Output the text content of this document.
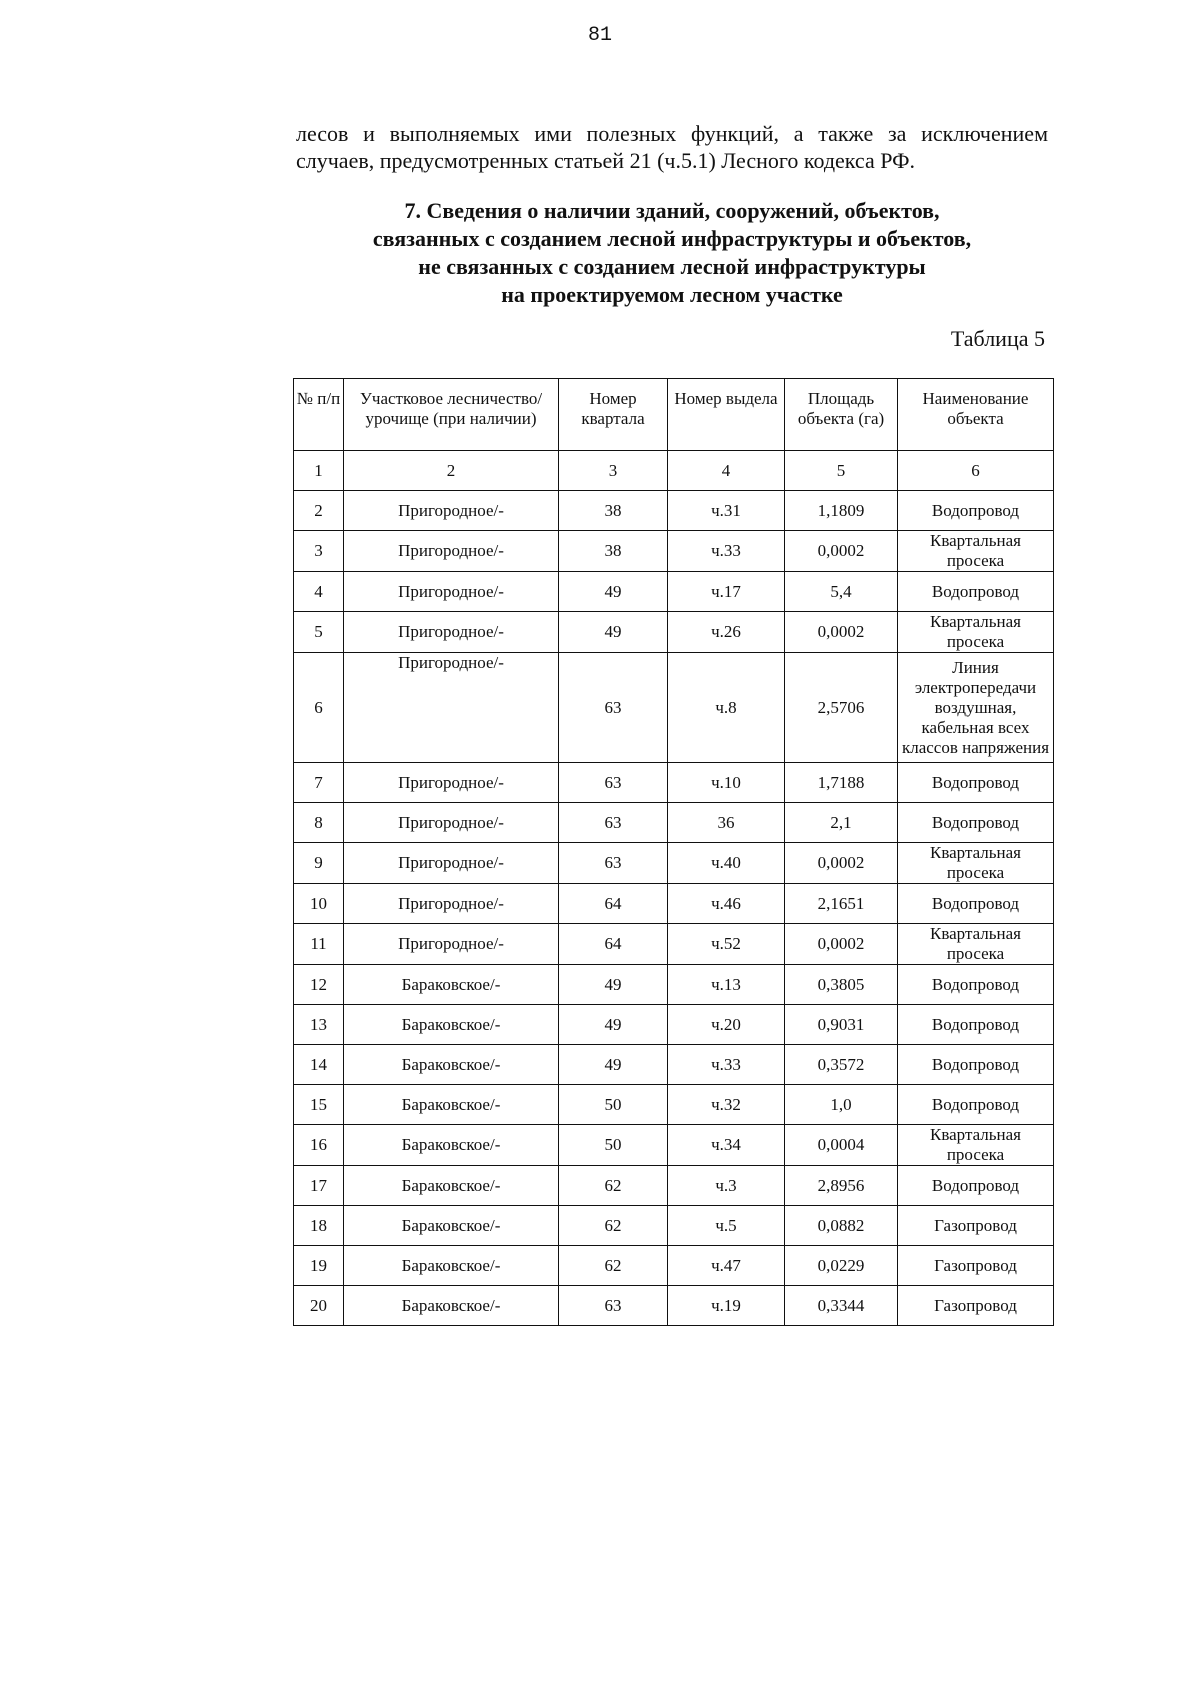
81

лесов и выполняемых ими полезных функций, а также за исключением

случаев, предусмотренных статьей 21 (ч.5.1) Лесного кодекса РФ.

7. Сведения о наличии зданий, сооружений, объектов,
связанных с созданием лесной инфраструктуры и объектов,
не связанных с созданием лесной инфраструктуры
на проектируемом лесном участке
Таблица 5
№ п/п	Участковое лесничество/урочище (при наличии)	Номер квартала	Номер выдела	Площадь объекта (га)	Наименование объекта
1	2	3	4	5	6
2	Пригородное/-	38	ч.31	1,1809	Водопровод
3	Пригородное/-	38	ч.33	0,0002	Квартальная просека
4	Пригородное/-	49	ч.17	5,4	Водопровод
5	Пригородное/-	49	ч.26	0,0002	Квартальная просека
6	Пригородное/-	63	ч.8	2,5706	Линия электропередачи воздушная, кабельная всех классов напряжения
7	Пригородное/-	63	ч.10	1,7188	Водопровод
8	Пригородное/-	63	36	2,1	Водопровод
9	Пригородное/-	63	ч.40	0,0002	Квартальная просека
10	Пригородное/-	64	ч.46	2,1651	Водопровод
11	Пригородное/-	64	ч.52	0,0002	Квартальная просека
12	Бараковское/-	49	ч.13	0,3805	Водопровод
13	Бараковское/-	49	ч.20	0,9031	Водопровод
14	Бараковское/-	49	ч.33	0,3572	Водопровод
15	Бараковское/-	50	ч.32	1,0	Водопровод
16	Бараковское/-	50	ч.34	0,0004	Квартальная просека
17	Бараковское/-	62	ч.3	2,8956	Водопровод
18	Бараковское/-	62	ч.5	0,0882	Газопровод
19	Бараковское/-	62	ч.47	0,0229	Газопровод
20	Бараковское/-	63	ч.19	0,3344	Газопровод
